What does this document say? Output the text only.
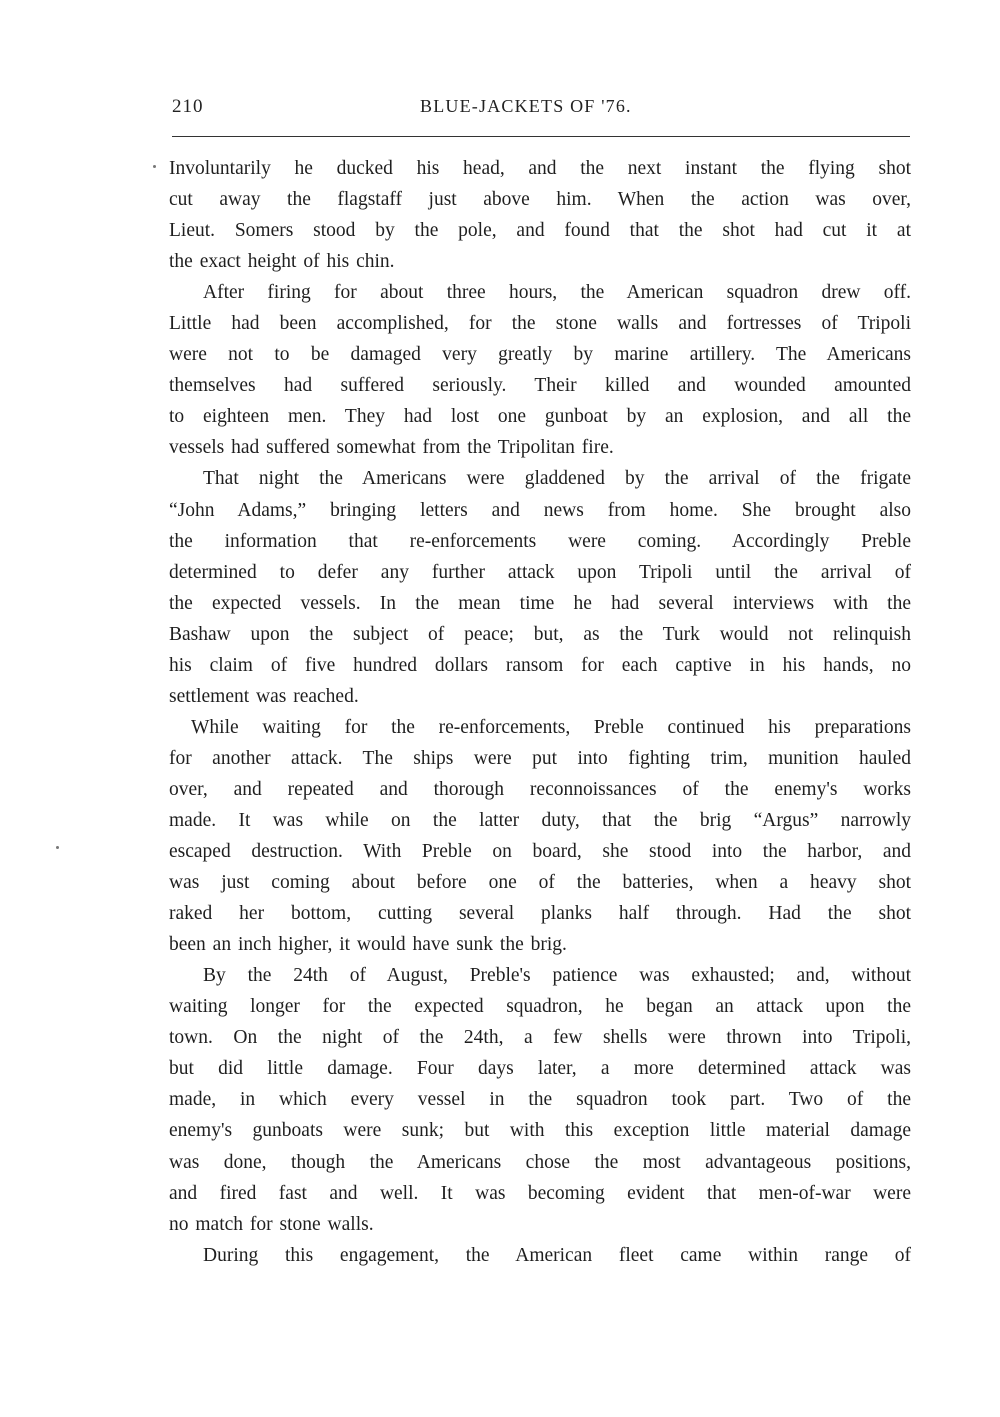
210	BLUE-JACKETS OF '76.

Involuntarily he ducked his head, and the next instant the flying shot
cut away the flagstaff just above him. When the action was over,
Lieut. Somers stood by the pole, and found that the shot had cut it at
the exact height of his chin.

After firing for about three hours, the American squadron drew off.
Little had been accomplished, for the stone walls and fortresses of Tripoli
were not to be damaged very greatly by marine artillery. The Americans
themselves had suffered seriously. Their killed and wounded amounted
to eighteen men. They had lost one gunboat by an explosion, and all the
vessels had suffered somewhat from the Tripolitan fire.

That night the Americans were gladdened by the arrival of the frigate
“John Adams,” bringing letters and news from home. She brought also
the information that re-enforcements were coming. Accordingly Preble
determined to defer any further attack upon Tripoli until the arrival of
the expected vessels. In the mean time he had several interviews with the
Bashaw upon the subject of peace; but, as the Turk would not relinquish
his claim of five hundred dollars ransom for each captive in his hands, no
settlement was reached.

While waiting for the re-enforcements, Preble continued his preparations
for another attack. The ships were put into fighting trim, munition hauled
over, and repeated and thorough reconnoissances of the enemy's works
made. It was while on the latter duty, that the brig “Argus” narrowly
escaped destruction. With Preble on board, she stood into the harbor, and
was just coming about before one of the batteries, when a heavy shot
raked her bottom, cutting several planks half through. Had the shot
been an inch higher, it would have sunk the brig.

By the 24th of August, Preble's patience was exhausted; and, without
waiting longer for the expected squadron, he began an attack upon the
town. On the night of the 24th, a few shells were thrown into Tripoli,
but did little damage. Four days later, a more determined attack was
made, in which every vessel in the squadron took part. Two of the
enemy's gunboats were sunk; but with this exception little material damage
was done, though the Americans chose the most advantageous positions,
and fired fast and well. It was becoming evident that men-of-war were
no match for stone walls.

During this engagement, the American fleet came within range of
